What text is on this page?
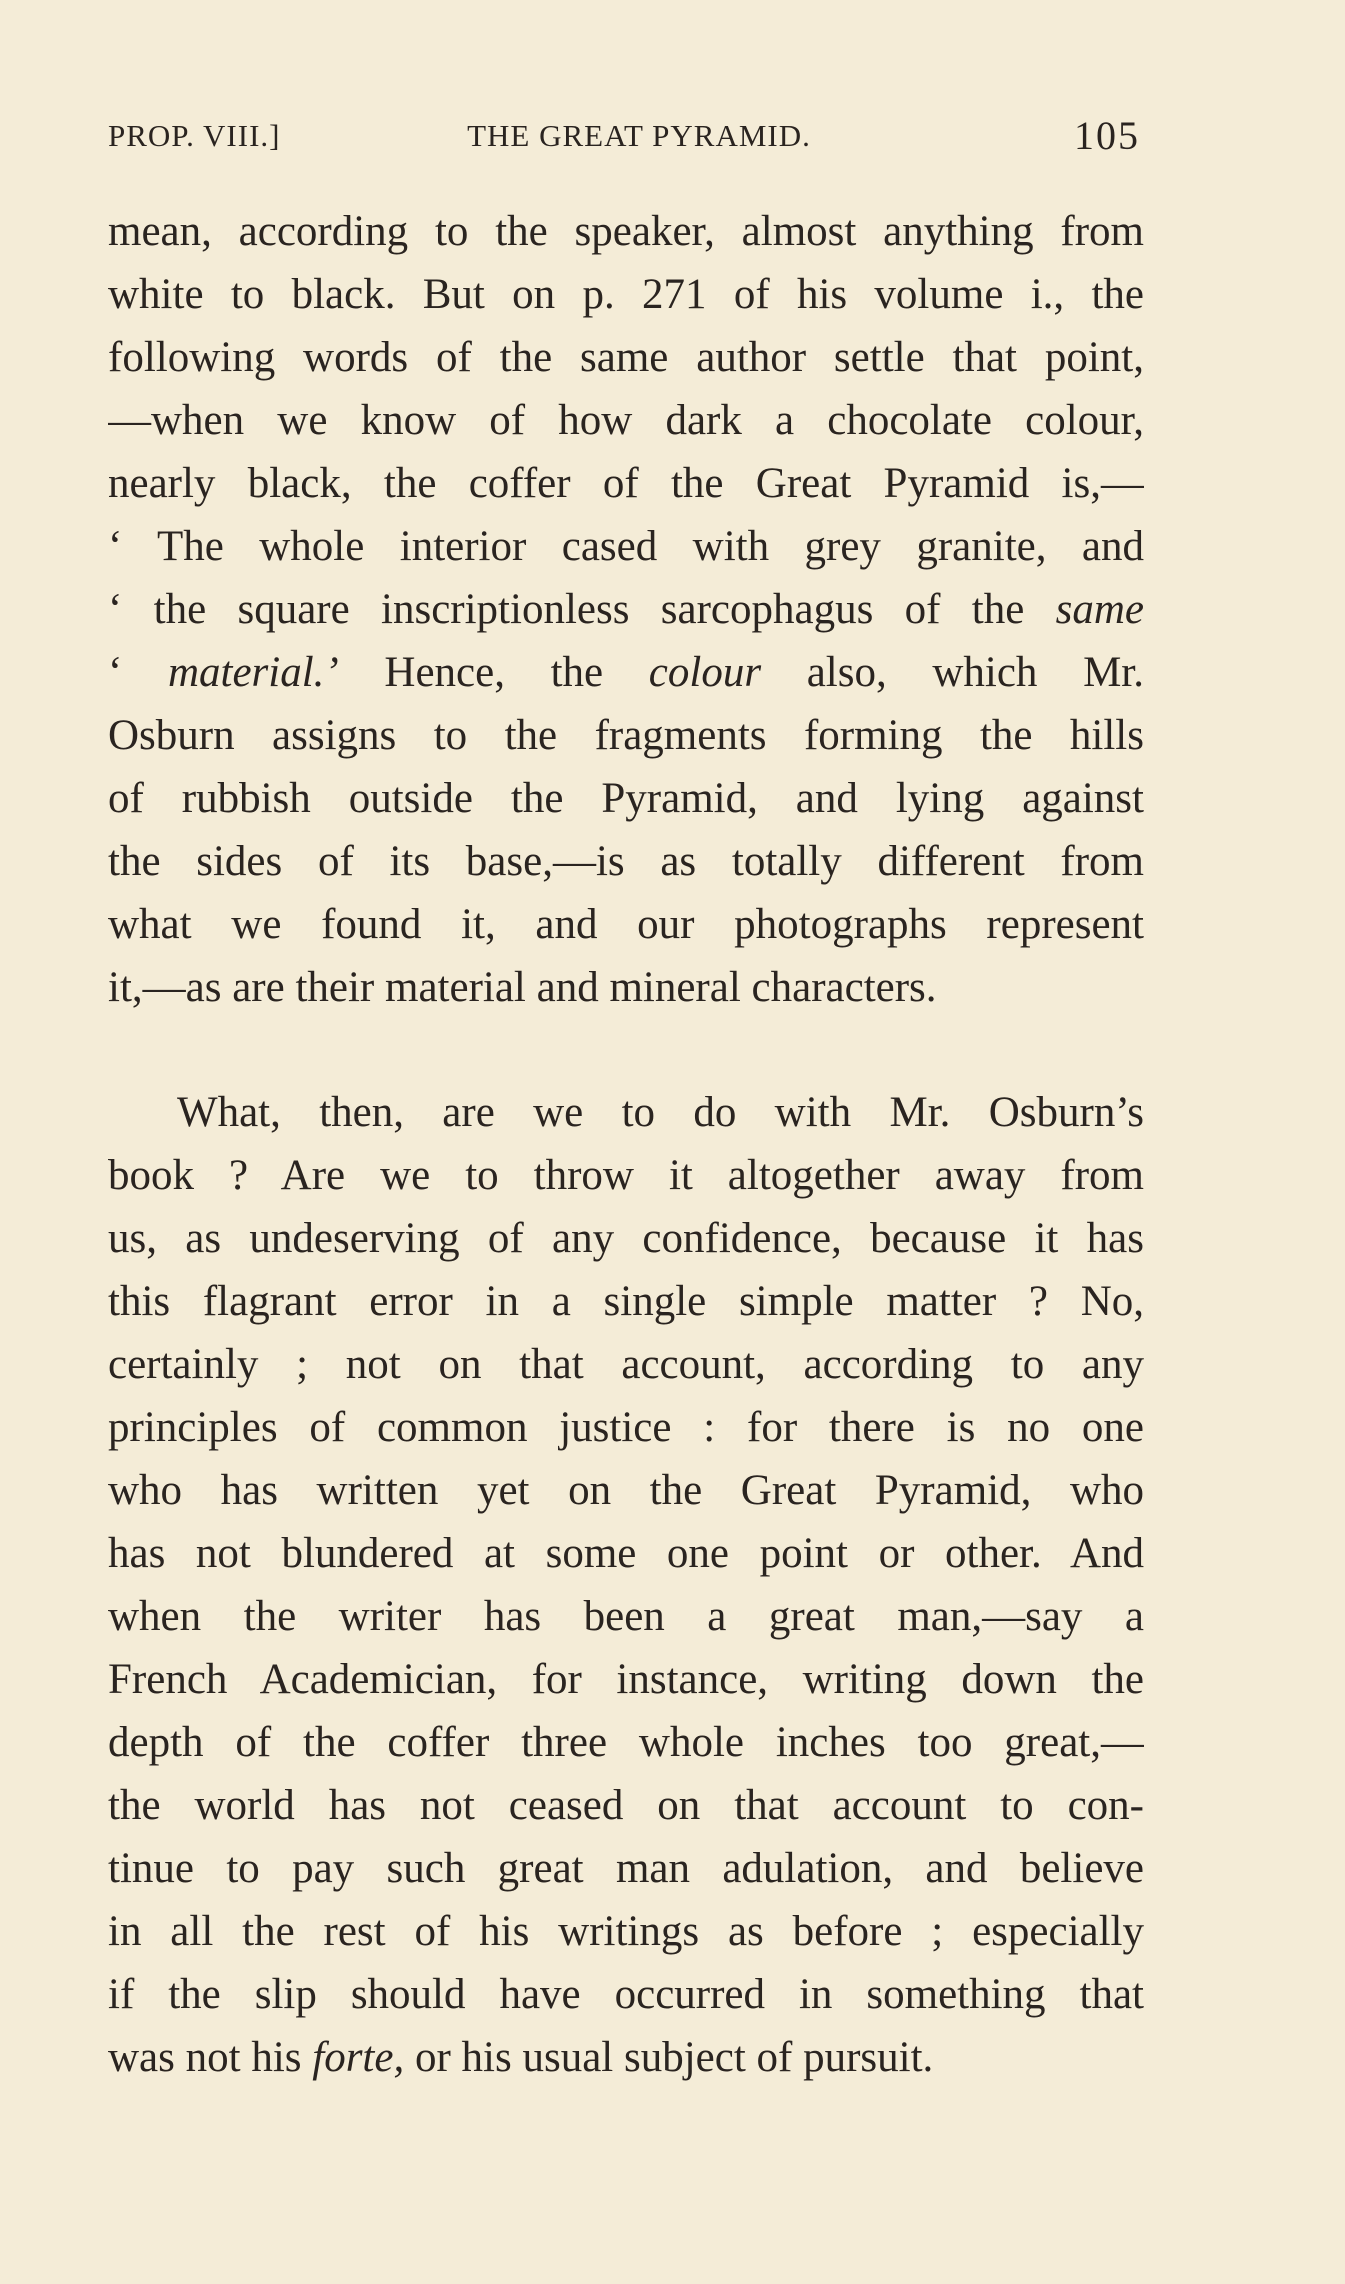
PROP. VIII.]	THE GREAT PYRAMID.	105
mean, according to the speaker, almost anything from
white to black. But on p. 271 of his volume i., the
following words of the same author settle that point,
—when we know of how dark a chocolate colour,
nearly black, the coffer of the Great Pyramid is,—
‘ The whole interior cased with grey granite, and
‘ the square inscriptionless sarcophagus of the same
‘ material.’ Hence, the colour also, which Mr.
Osburn assigns to the fragments forming the hills
of rubbish outside the Pyramid, and lying against
the sides of its base,—is as totally different from
what we found it, and our photographs represent
it,—as are their material and mineral characters.
What, then, are we to do with Mr. Osburn’s
book ? Are we to throw it altogether away from
us, as undeserving of any confidence, because it has
this flagrant error in a single simple matter ? No,
certainly ; not on that account, according to any
principles of common justice : for there is no one
who has written yet on the Great Pyramid, who
has not blundered at some one point or other. And
when the writer has been a great man,—say a
French Academician, for instance, writing down the
depth of the coffer three whole inches too great,—
the world has not ceased on that account to con-
tinue to pay such great man adulation, and believe
in all the rest of his writings as before ; especially
if the slip should have occurred in something that
was not his forte, or his usual subject of pursuit.
